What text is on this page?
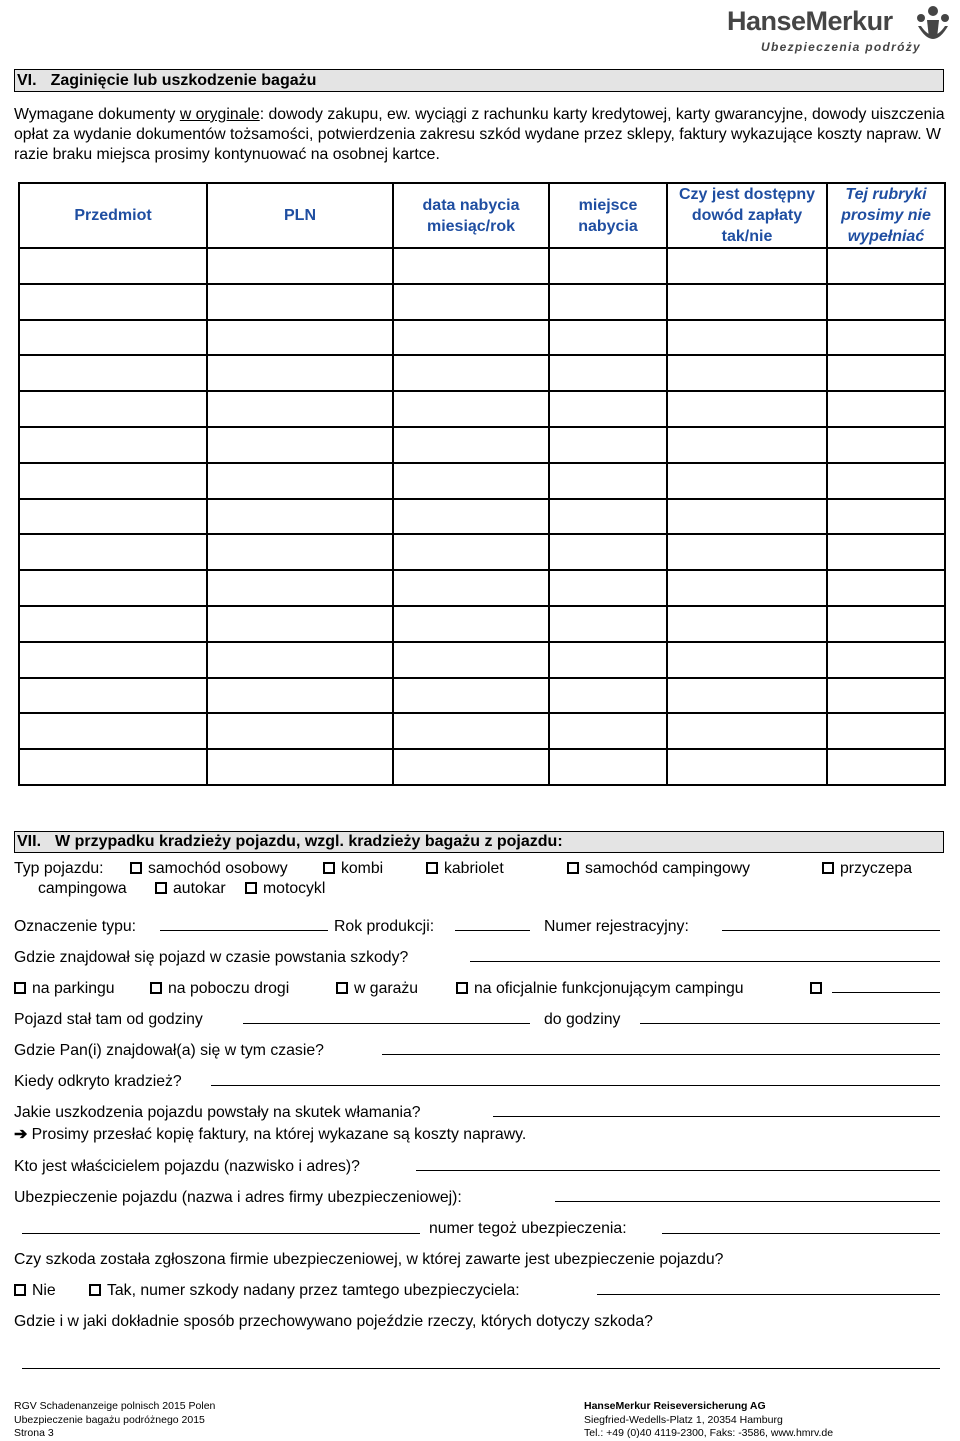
HanseMerkur
Ubezpieczenia podróży
VI. Zaginięcie lub uszkodzenie bagażu
Wymagane dokumenty w oryginale: dowody zakupu, ew. wyciągi z rachunku karty kredytowej, karty gwarancyjne, dowody uiszczenia opłat za wydanie dokumentów tożsamości, potwierdzenia zakresu szkód wydane przez sklepy, faktury wykazujące koszty napraw. W razie braku miejsca prosimy kontynuować na osobnej kartce.
Przedmiot	PLN	data nabycia miesiąc/rok	miejsce nabycia	Czy jest dostępny dowód zapłaty tak/nie	Tej rubryki prosimy nie wypełniać

VII. W przypadku kradzieży pojazdu, wzgl. kradzieży bagażu z pojazdu:
Typ pojazdu:	samochód osobowy	kombi	kabriolet	samochód campingowy	przyczepa
campingowa	autokar	motocykl
Oznaczenie typu:	Rok produkcji:	Numer rejestracyjny:
Gdzie znajdował się pojazd w czasie powstania szkody?
na parkingu	na poboczu drogi	w garażu	na oficjalnie funkcjonującym campingu
Pojazd stał tam od godziny	do godziny
Gdzie Pan(i) znajdował(a) się w tym czasie?
Kiedy odkryto kradzież?
Jakie uszkodzenia pojazdu powstały na skutek włamania?
➔ Prosimy przesłać kopię faktury, na której wykazane są koszty naprawy.
Kto jest właścicielem pojazdu (nazwisko i adres)?
Ubezpieczenie pojazdu (nazwa i adres firmy ubezpieczeniowej):
numer tegoż ubezpieczenia:
Czy szkoda została zgłoszona firmie ubezpieczeniowej, w której zawarte jest ubezpieczenie pojazdu?
Nie	Tak, numer szkody nadany przez tamtego ubezpieczyciela:
Gdzie i w jaki dokładnie sposób przechowywano pojeździe rzeczy, których dotyczy szkoda?
RGV Schadenanzeige polnisch 2015 Polen
Ubezpieczenie bagażu podróżnego 2015
Strona 3
HanseMerkur Reiseversicherung AG
Siegfried-Wedells-Platz 1, 20354 Hamburg
Tel.: +49 (0)40 4119-2300, Faks: -3586, www.hmrv.de
